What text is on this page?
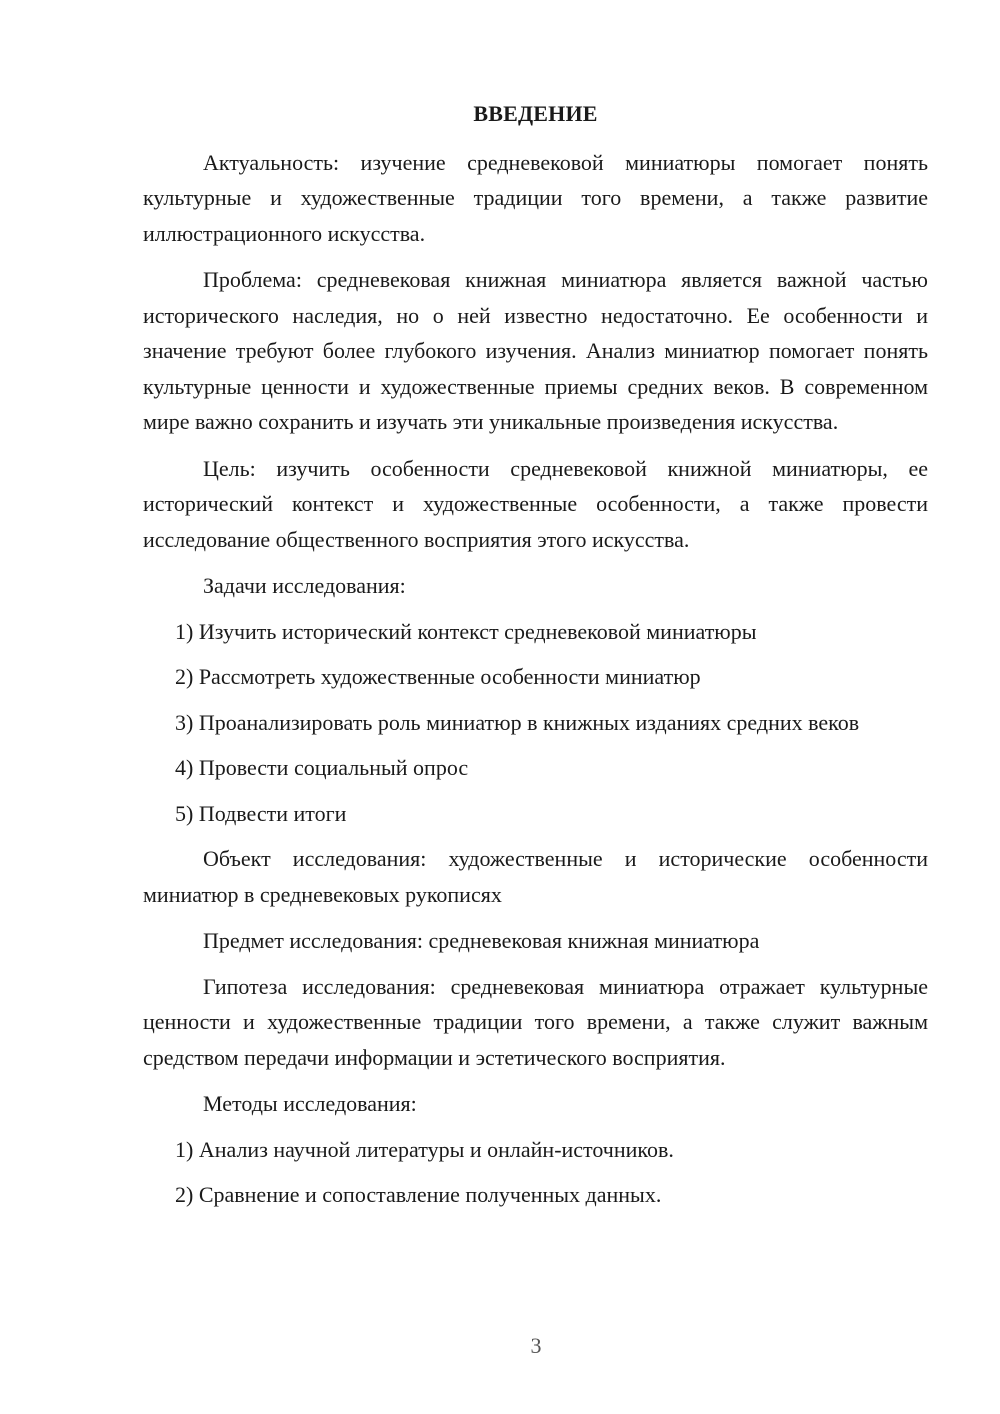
ВВЕДЕНИЕ

Актуальность: изучение средневековой миниатюры помогает понять культурные и художественные традиции того времени, а также развитие иллюстрационного искусства.

Проблема: средневековая книжная миниатюра является важной частью исторического наследия, но о ней известно недостаточно. Ее особенности и значение требуют более глубокого изучения. Анализ миниатюр помогает понять культурные ценности и художественные приемы средних веков. В современном мире важно сохранить и изучать эти уникальные произведения искусства.

Цель: изучить особенности средневековой книжной миниатюры, ее исторический контекст и художественные особенности, а также провести исследование общественного восприятия этого искусства.

Задачи исследования:

1) Изучить исторический контекст средневековой миниатюры

2) Рассмотреть художественные особенности миниатюр

3) Проанализировать роль миниатюр в книжных изданиях средних веков

4) Провести социальный опрос

5) Подвести итоги

Объект исследования: художественные и исторические особенности миниатюр в средневековых рукописях

Предмет исследования: средневековая книжная миниатюра

Гипотеза исследования: средневековая миниатюра отражает культурные ценности и художественные традиции того времени, а также служит важным средством передачи информации и эстетического восприятия.

Методы исследования:

1) Анализ научной литературы и онлайн-источников.

2) Сравнение и сопоставление полученных данных.

3
